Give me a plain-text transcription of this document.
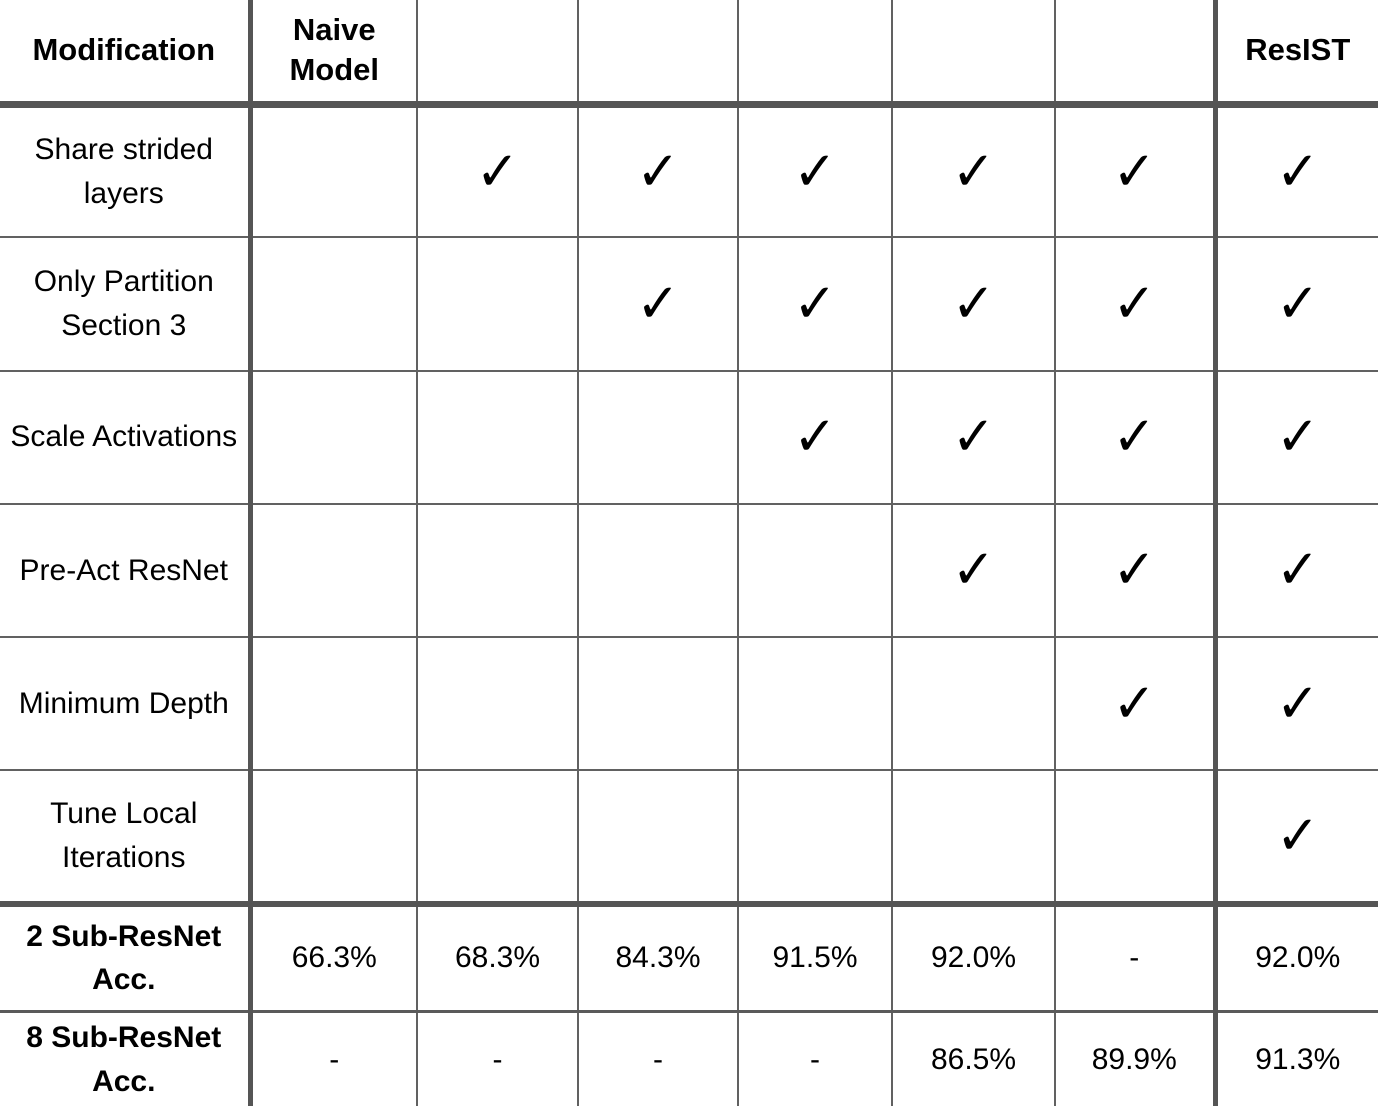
Modification	Naive Model						ResIST
Share strided layers		✓	✓	✓	✓	✓	✓
Only Partition Section 3			✓	✓	✓	✓	✓
Scale Activations				✓	✓	✓	✓
Pre-Act ResNet					✓	✓	✓
Minimum Depth						✓	✓
Tune Local Iterations							✓
2 Sub-ResNet Acc.	66.3%	68.3%	84.3%	91.5%	92.0%	-	92.0%
8 Sub-ResNet Acc.	-	-	-	-	86.5%	89.9%	91.3%
